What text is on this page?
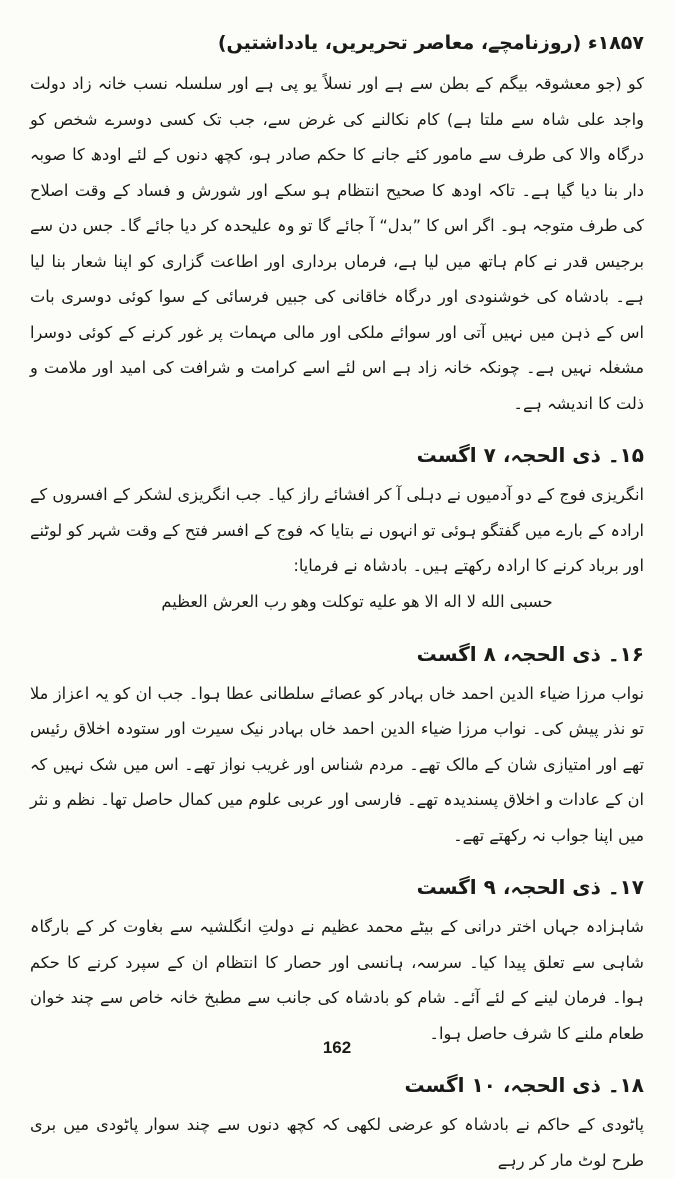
۱۸۵۷ء (روزنامچے، معاصر تحریریں، یادداشتیں)

کو (جو معشوقہ بیگم کے بطن سے ہے اور نسلاً یو پی ہے اور سلسلہ نسب خانہ زاد دولت واجد علی شاہ سے ملتا ہے) کام نکالنے کی غرض سے، جب تک کسی دوسرے شخص کو درگاہ والا کی طرف سے مامور کئے جانے کا حکم صادر ہو، کچھ دنوں کے لئے اودھ کا صوبہ دار بنا دیا گیا ہے۔ تاکہ اودھ کا صحیح انتظام ہو سکے اور شورش و فساد کے وقت اصلاح کی طرف متوجہ ہو۔ اگر اس کا ”بدل“ آ جائے گا تو وہ علیحدہ کر دیا جائے گا۔ جس دن سے برجیس قدر نے کام ہاتھ میں لیا ہے، فرماں برداری اور اطاعت گزاری کو اپنا شعار بنا لیا ہے۔ بادشاہ کی خوشنودی اور درگاہ خاقانی کی جبیں فرسائی کے سوا کوئی دوسری بات اس کے ذہن میں نہیں آتی اور سوائے ملکی اور مالی مہمات پر غور کرنے کے کوئی دوسرا مشغلہ نہیں ہے۔ چونکہ خانہ زاد ہے اس لئے اسے کرامت و شرافت کی امید اور ملامت و ذلت کا اندیشہ ہے۔

۱۵۔ ذی الحجہ، ۷ اگست

انگریزی فوج کے دو آدمیوں نے دہلی آ کر افشائے راز کیا۔ جب انگریزی لشکر کے افسروں کے ارادہ کے بارے میں گفتگو ہوئی تو انہوں نے بتایا کہ فوج کے افسر فتح کے وقت شہر کو لوٹنے اور برباد کرنے کا ارادہ رکھتے ہیں۔ بادشاہ نے فرمایا:

حسبی الله لا اله الا هو علیه توکلت وهو رب العرش العظیم

۱۶۔ ذی الحجہ، ۸ اگست

نواب مرزا ضیاء الدین احمد خاں بہادر کو عصائے سلطانی عطا ہوا۔ جب ان کو یہ اعزاز ملا تو نذر پیش کی۔ نواب مرزا ضیاء الدین احمد خاں بہادر نیک سیرت اور ستودہ اخلاق رئیس تھے اور امتیازی شان کے مالک تھے۔ مردم شناس اور غریب نواز تھے۔ اس میں شک نہیں کہ ان کے عادات و اخلاق پسندیدہ تھے۔ فارسی اور عربی علوم میں کمال حاصل تھا۔ نظم و نثر میں اپنا جواب نہ رکھتے تھے۔

۱۷۔ ذی الحجہ، ۹ اگست

شاہزادہ جہاں اختر درانی کے بیٹے محمد عظیم نے دولتِ انگلشیہ سے بغاوت کر کے بارگاہ شاہی سے تعلق پیدا کیا۔ سرسہ، ہانسی اور حصار کا انتظام ان کے سپرد کرنے کا حکم ہوا۔ فرمان لینے کے لئے آئے۔ شام کو بادشاہ کی جانب سے مطبخ خانہ خاص سے چند خوان طعام ملنے کا شرف حاصل ہوا۔

۱۸۔ ذی الحجہ، ۱۰ اگست

پاٹودی کے حاکم نے بادشاہ کو عرضی لکھی کہ کچھ دنوں سے چند سوار پاٹودی میں بری طرح لوٹ مار کر رہے

162
